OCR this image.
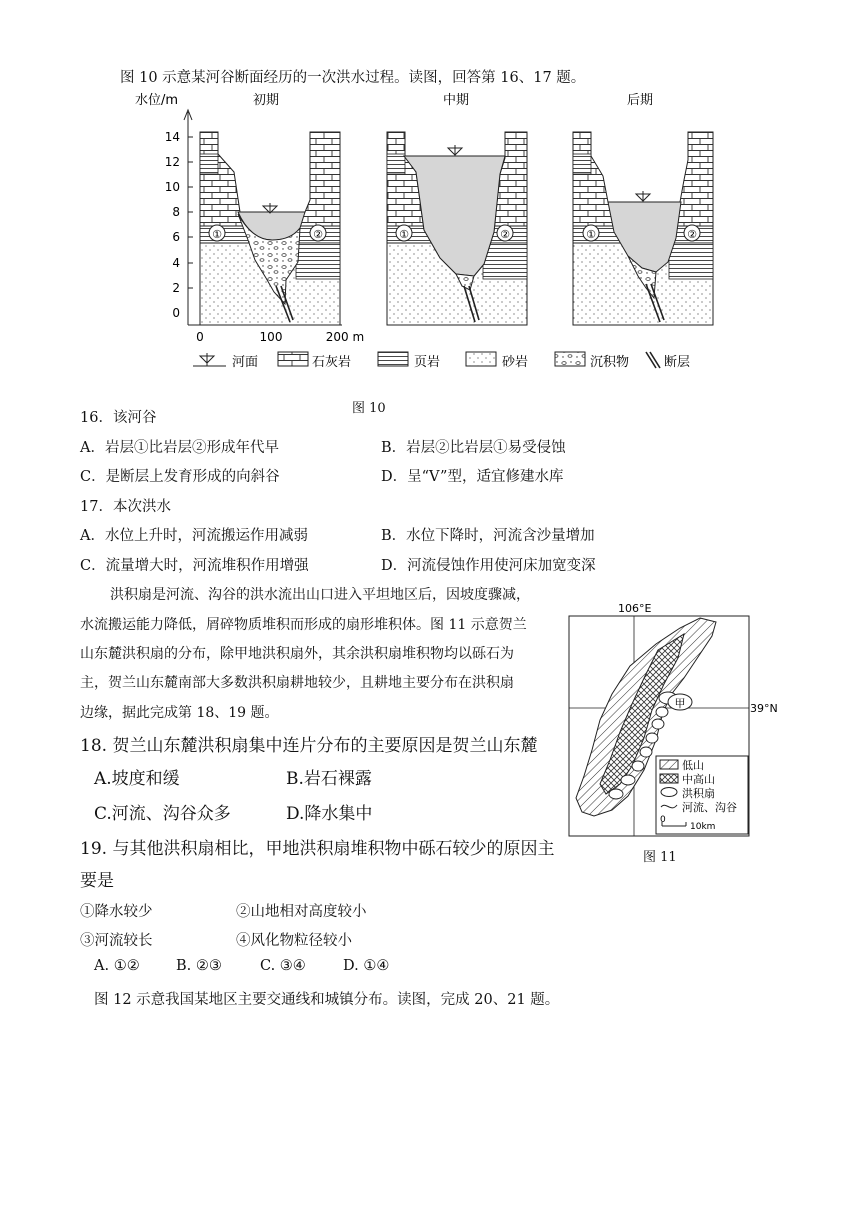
图 10 示意某河谷断面经历的一次洪水过程。读图，回答第 16、17 题。
水位/m
14
12
10
8
6
4
2
0
初期	中期	后期
①	②	①	②	①	②
0	100	200 m
河面	石灰岩	页岩	砂岩	沉积物	断层
图 10
16．该河谷
A．岩层①比岩层②形成年代早	B．岩层②比岩层①易受侵蚀
C．是断层上发育形成的向斜谷	D．呈“V”型，适宜修建水库
17．本次洪水
A．水位上升时，河流搬运作用减弱	B．水位下降时，河流含沙量增加
C．流量增大时，河流堆积作用增强	D．河流侵蚀作用使河床加宽变深
洪积扇是河流、沟谷的洪水流出山口进入平坦地区后，因坡度骤减，
水流搬运能力降低，屑碎物质堆积而形成的扇形堆积体。图 11 示意贺兰
山东麓洪积扇的分布，除甲地洪积扇外，其余洪积扇堆积物均以砾石为
主，贺兰山东麓南部大多数洪积扇耕地较少，且耕地主要分布在洪积扇
边缘，据此完成第 18、19 题。
106°E
39°N
甲
低山
中高山
洪积扇
河流、沟谷
0
10km
图 11
18. 贺兰山东麓洪积扇集中连片分布的主要原因是贺兰山东麓
A.坡度和缓	B.岩石裸露
C.河流、沟谷众多	D.降水集中
19. 与其他洪积扇相比，甲地洪积扇堆积物中砾石较少的原因主
要是
①降水较少	②山地相对高度较小
③河流较长	④风化物粒径较小
A. ①②	B. ②③	C. ③④	D. ①④
图 12 示意我国某地区主要交通线和城镇分布。读图，完成 20、21 题。
